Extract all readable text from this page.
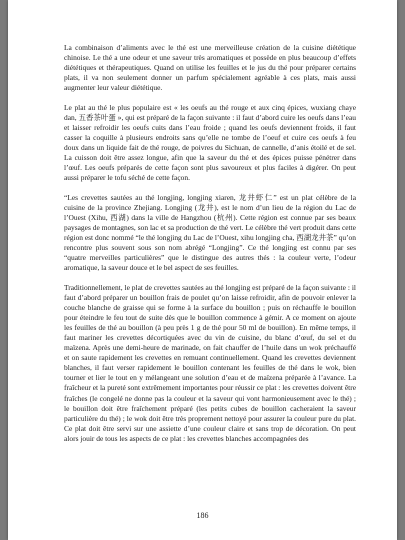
La combinaison d’aliments avec le thé est une merveilleuse création de la cuisine diététique chinoise. Le thé a une odeur et une saveur très aromatiques et possède en plus beaucoup d’effets diététiques et thérapeutiques. Quand on utilise les feuilles et le jus du thé pour préparer certains plats, il va non seulement donner un parfum spécialement agréable à ces plats, mais aussi augmenter leur valeur diététique.

Le plat au thé le plus populaire est « les oeufs au thé rouge et aux cinq épices, wuxiang chaye dan, 五香茶叶蛋 », qui est préparé de la façon suivante : il faut d’abord cuire les oeufs dans l’eau et laisser refroidir les oeufs cuits dans l’eau froide ; quand les oeufs deviennent froids, il faut casser la coquille à plusieurs endroits sans qu’elle ne tombe de l’oeuf et cuire ces oeufs à feu doux dans un liquide fait de thé rouge, de poivres du Sichuan, de cannelle, d’anis étoilé et de sel. La cuisson doit être assez longue, afin que la saveur du thé et des épices puisse pénétrer dans l’œuf. Les oeufs préparés de cette façon sont plus savoureux et plus faciles à digérer. On peut aussi préparer le tofu séché de cette façon.

“Les crevettes sautées au thé longjing, longjing xiaren, 龙井虾仁” est un plat célèbre de la cuisine de la province Zhejiang. Longjing (龙井), est le nom d’un lieu de la région du Lac de l’Ouest (Xihu, 西湖) dans la ville de Hangzhou (杭州). Cette région est connue par ses beaux paysages de montagnes, son lac et sa production de thé vert. Le célèbre thé vert produit dans cette région est donc nommé “le thé longjing du Lac de l’Ouest, xihu longjing cha, 西湖龙井茶” qu’on rencontre plus souvent sous son nom abrégé “Longjing”. Ce thé longjing est connu par ses “quatre merveilles particulières” que le distingue des autres thés : la couleur verte, l’odeur aromatique, la saveur douce et le bel aspect de ses feuilles.

Traditionnellement, le plat de crevettes sautées au thé longjing est préparé de la façon suivante : il faut d’abord préparer un bouillon frais de poulet qu’on laisse refroidir, afin de pouvoir enlever la couche blanche de graisse qui se forme à la surface du bouillon ; puis on réchauffe le bouillon pour éteindre le feu tout de suite dès que le bouillon commence à gémir. A ce moment on ajoute les feuilles de thé au bouillon (à peu près 1 g de thé pour 50 ml de bouillon). En même temps, il faut mariner les crevettes décortiquées avec du vin de cuisine, du blanc d’œuf, du sel et du maïzena. Après une demi-heure de marinade, on fait chauffer de l’huile dans un wok préchauffé et on saute rapidement les crevettes en remuant continuellement. Quand les crevettes deviennent blanches, il faut verser rapidement le bouillon contenant les feuilles de thé dans le wok, bien tourner et lier le tout en y mélangeant une solution d’eau et de maïzena préparée à l’avance. La fraîcheur et la pureté sont extrêmement importantes pour réussir ce plat : les crevettes doivent être fraîches (le congelé ne donne pas la couleur et la saveur qui vont harmonieusement avec le thé) ; le bouillon doit être fraîchement préparé (les petits cubes de bouillon cacheraient la saveur particulière du thé) ; le wok doit être très proprement nettoyé pour assurer la couleur pure du plat. Ce plat doit être servi sur une assiette d’une couleur claire et sans trop de décoration. On peut alors jouir de tous les aspects de ce plat : les crevettes blanches accompagnées des

186
